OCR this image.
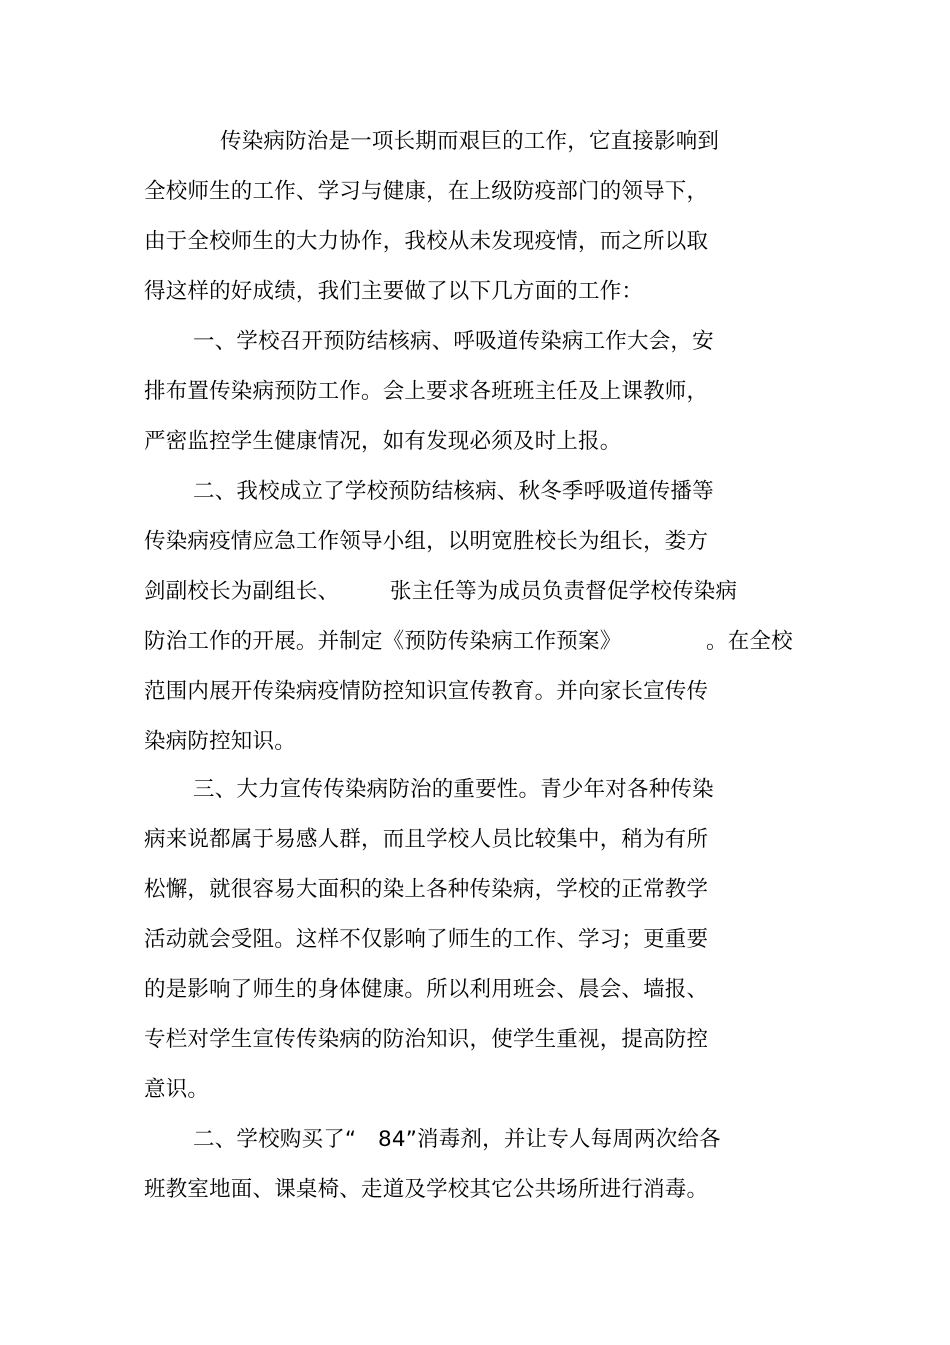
传染病防治是一项长期而艰巨的工作，它直接影响到
全校师生的工作、学习与健康，在上级防疫部门的领导下，
由于全校师生的大力协作，我校从未发现疫情，而之所以取
得这样的好成绩，我们主要做了以下几方面的工作：
一、学校召开预防结核病、呼吸道传染病工作大会，安
排布置传染病预防工作。会上要求各班班主任及上课教师，
严密监控学生健康情况，如有发现必须及时上报。
二、我校成立了学校预防结核病、秋冬季呼吸道传播等
传染病疫情应急工作领导小组，以明宽胜校长为组长，娄方
剑副校长为副组长、 张主任等为成员负责督促学校传染病
防治工作的开展。并制定《预防传染病工作预案》	。在全校
范围内展开传染病疫情防控知识宣传教育。并向家长宣传传
染病防控知识。
三、大力宣传传染病防治的重要性。青少年对各种传染
病来说都属于易感人群，而且学校人员比较集中，稍为有所
松懈，就很容易大面积的染上各种传染病，学校的正常教学
活动就会受阻。这样不仅影响了师生的工作、学习；更重要
的是影响了师生的身体健康。所以利用班会、晨会、墙报、
专栏对学生宣传传染病的防治知识，使学生重视，提高防控
意识。
二、学校购买了“　84”消毒剂，并让专人每周两次给各
班教室地面、课桌椅、走道及学校其它公共场所进行消毒。
